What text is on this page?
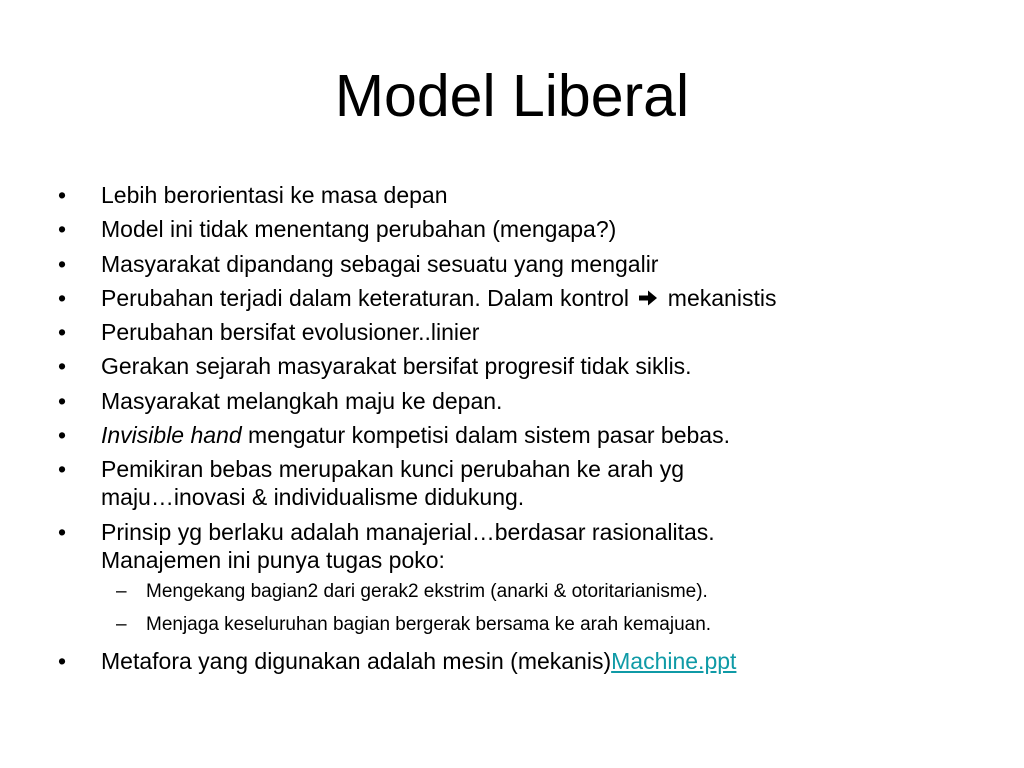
Model Liberal
• Lebih berorientasi ke masa depan
• Model ini tidak menentang perubahan (mengapa?)
• Masyarakat dipandang sebagai sesuatu yang mengalir
• Perubahan terjadi dalam keteraturan. Dalam kontrol mekanistis
• Perubahan bersifat evolusioner..linier
• Gerakan sejarah masyarakat bersifat progresif tidak siklis.
• Masyarakat melangkah maju ke depan.
• Invisible hand mengatur kompetisi dalam sistem pasar bebas.
• Pemikiran bebas merupakan kunci perubahan ke arah yg
maju…inovasi & individualisme didukung.
• Prinsip yg berlaku adalah manajerial…berdasar rasionalitas.
Manajemen ini punya tugas poko:
– Mengekang bagian2 dari gerak2 ekstrim (anarki & otoritarianisme).
– Menjaga keseluruhan bagian bergerak bersama ke arah kemajuan.
• Metafora yang digunakan adalah mesin (mekanis)Machine.ppt
